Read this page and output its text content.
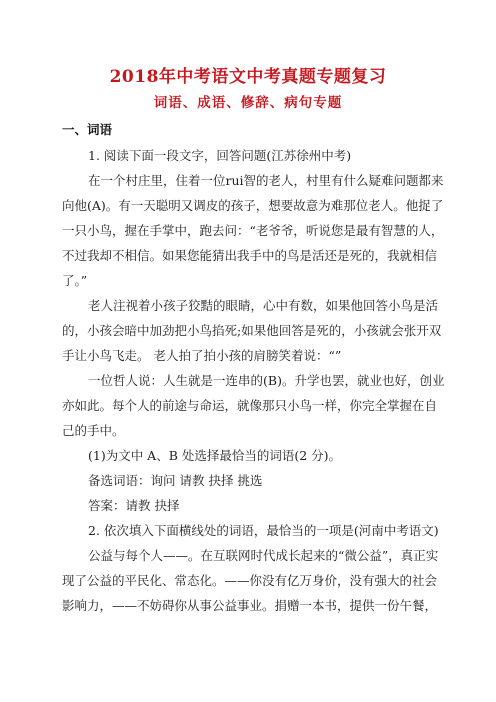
2018年中考语文中考真题专题复习
词语、成语、修辞、病句专题
一、词语
1. 阅读下面一段文字，回答问题(江苏徐州中考)
在一个村庄里，住着一位rui智的老人，村里有什么疑难问题都来
向他(A)。有一天聪明又调皮的孩子，想要故意为难那位老人。他捉了
一只小鸟，握在手掌中，跑去问：“老爷爷，听说您是最有智慧的人，
不过我却不相信。如果您能猜出我手中的鸟是活还是死的，我就相信
了。”
老人注视着小孩子狡黠的眼睛，心中有数，如果他回答小鸟是活
的，小孩会暗中加劲把小鸟掐死;如果他回答是死的，小孩就会张开双
手让小鸟飞走。 老人拍了拍小孩的肩膀笑着说：“”
一位哲人说：人生就是一连串的(B)。升学也罢，就业也好，创业
亦如此。每个人的前途与命运，就像那只小鸟一样，你完全掌握在自
己的手中。
(1)为文中 A、B 处选择最恰当的词语(2 分)。
备选词语：询问 请教 抉择 挑选
答案：请教 抉择
2. 依次填入下面横线处的词语，最恰当的一项是(河南中考语文)
公益与每个人——。在互联网时代成长起来的“微公益”，真正实
现了公益的平民化、常态化。——你没有亿万身价，没有强大的社会
影响力，——不妨碍你从事公益事业。捐赠一本书，提供一份午餐，
